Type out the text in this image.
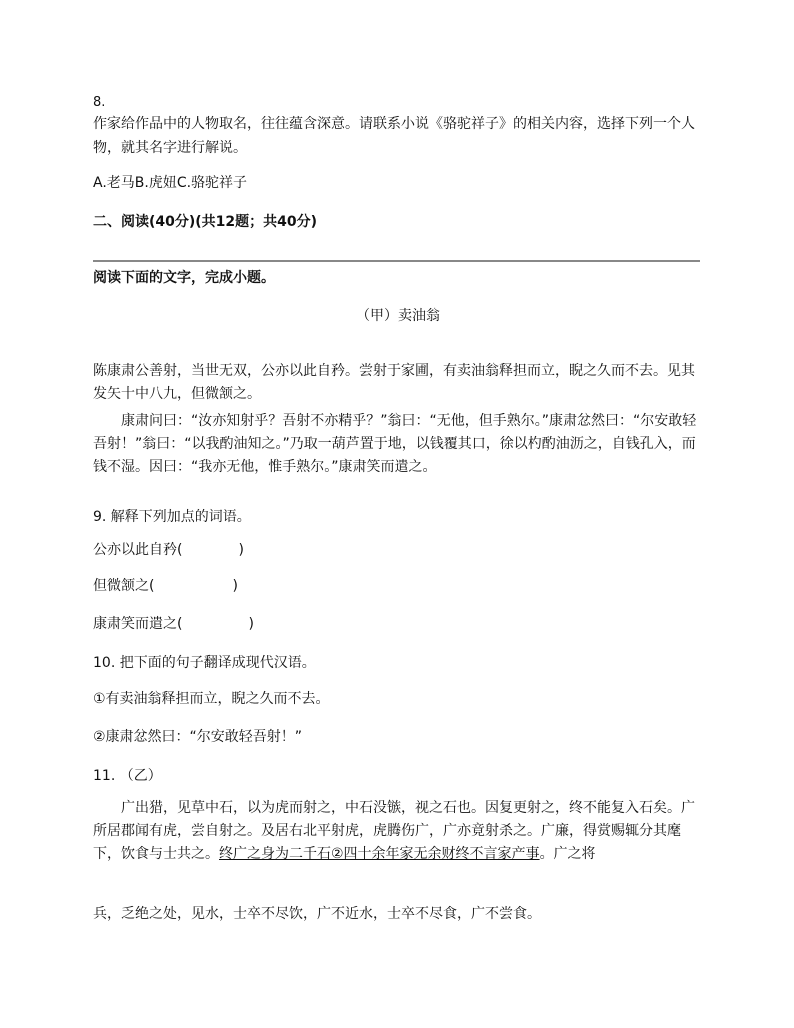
8.
作家给作品中的人物取名，往往蕴含深意。请联系小说《骆驼祥子》的相关内容，选择下列一个人物，就其名字进行解说。
A.老马B.虎妞C.骆驼祥子
二、阅读(40分)(共12题；共40分)
阅读下面的文字，完成小题。
（甲）卖油翁
陈康肃公善射，当世无双，公亦以此自矜。尝射于家圃，有卖油翁释担而立，睨之久而不去。见其发矢十中八九，但微颔之。
康肃问曰：“汝亦知射乎？吾射不亦精乎？”翁曰：“无他，但手熟尔。”康肃忿然曰：“尔安敢轻吾射！”翁曰：“以我酌油知之。”乃取一葫芦置于地，以钱覆其口，徐以杓酌油沥之，自钱孔入，而钱不湿。因曰：“我亦无他，惟手熟尔。”康肃笑而遣之。
9. 解释下列加点的词语。
公亦以此自矜(	)
但微颔之(	)
康肃笑而遣之(	)
10. 把下面的句子翻译成现代汉语。
①有卖油翁释担而立，睨之久而不去。
②康肃忿然曰：“尔安敢轻吾射！”
11. （乙）
广出猎，见草中石，以为虎而射之，中石没镞，视之石也。因复更射之，终不能复入石矣。广所居郡闻有虎，尝自射之。及居右北平射虎，虎腾伤广，广亦竟射杀之。广廉，得赏赐辄分其麾下，饮食与士共之。终广之身为二千石②四十余年家无余财终不言家产事。广之将
兵，乏绝之处，见水，士卒不尽饮，广不近水，士卒不尽食，广不尝食。
